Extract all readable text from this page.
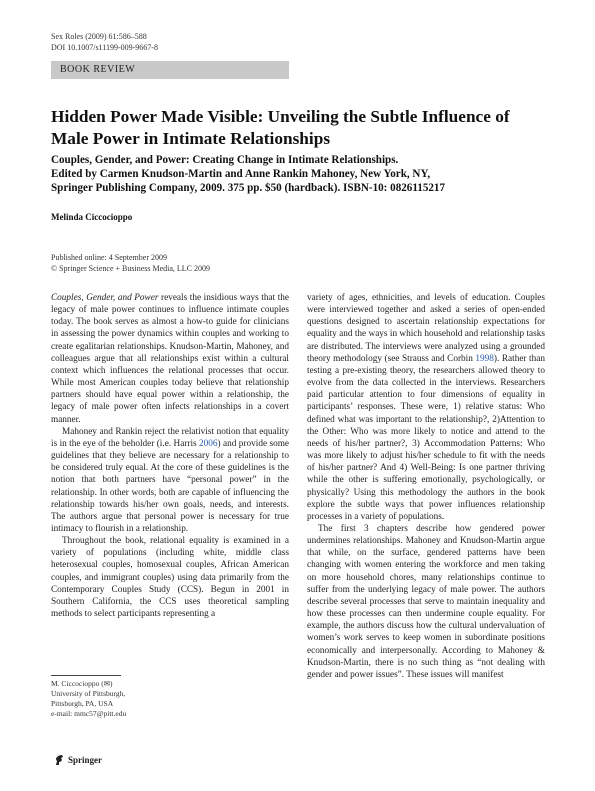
Sex Roles (2009) 61:586–588
DOI 10.1007/s11199-009-9667-8
BOOK REVIEW
Hidden Power Made Visible: Unveiling the Subtle Influence of Male Power in Intimate Relationships
Couples, Gender, and Power: Creating Change in Intimate Relationships.
Edited by Carmen Knudson-Martin and Anne Rankin Mahoney, New York, NY,
Springer Publishing Company, 2009. 375 pp. $50 (hardback). ISBN-10: 0826115217
Melinda Ciccocioppo
Published online: 4 September 2009
© Springer Science + Business Media, LLC 2009

Couples, Gender, and Power reveals the insidious ways that the legacy of male power continues to influence intimate couples today. The book serves as almost a how-to guide for clinicians in assessing the power dynamics within couples and working to create egalitarian relationships. Knudson-Martin, Mahoney, and colleagues argue that all relationships exist within a cultural context which influences the relational processes that occur. While most American couples today believe that relationship partners should have equal power within a relationship, the legacy of male power often infects relationships in a covert manner.

Mahoney and Rankin reject the relativist notion that equality is in the eye of the beholder (i.e. Harris 2006) and provide some guidelines that they believe are necessary for a relationship to be considered truly equal. At the core of these guidelines is the notion that both partners have “personal power” in the relationship. In other words, both are capable of influencing the relationship towards his/her own goals, needs, and interests. The authors argue that personal power is necessary for true intimacy to flourish in a relationship.

Throughout the book, relational equality is examined in a variety of populations (including white, middle class heterosexual couples, homosexual couples, African American couples, and immigrant couples) using data primarily from the Contemporary Couples Study (CCS). Begun in 2001 in Southern California, the CCS uses theoretical sampling methods to select participants representing a

variety of ages, ethnicities, and levels of education. Couples were interviewed together and asked a series of open-ended questions designed to ascertain relationship expectations for equality and the ways in which household and relationship tasks are distributed. The interviews were analyzed using a grounded theory methodology (see Strauss and Corbin 1998). Rather than testing a pre-existing theory, the researchers allowed theory to evolve from the data collected in the interviews. Researchers paid particular attention to four dimensions of equality in participants’ responses. These were, 1) relative status: Who defined what was important to the relationship?, 2)Attention to the Other: Who was more likely to notice and attend to the needs of his/her partner?, 3) Accommodation Patterns: Who was more likely to adjust his/her schedule to fit with the needs of his/her partner? And 4) Well-Being: Is one partner thriving while the other is suffering emotionally, psychologically, or physically? Using this methodology the authors in the book explore the subtle ways that power influences relationship processes in a variety of populations.

The first 3 chapters describe how gendered power undermines relationships. Mahoney and Knudson-Martin argue that while, on the surface, gendered patterns have been changing with women entering the workforce and men taking on more household chores, many relationships continue to suffer from the underlying legacy of male power. The authors describe several processes that serve to maintain inequality and how these processes can then undermine couple equality. For example, the authors discuss how the cultural undervaluation of women’s work serves to keep women in subordinate positions economically and interpersonally. According to Mahoney & Knudson-Martin, there is no such thing as “not dealing with gender and power issues”. These issues will manifest

M. Ciccocioppo (✉)
University of Pittsburgh,
Pittsburgh, PA, USA
e-mail: mmc57@pitt.edu
Springer
